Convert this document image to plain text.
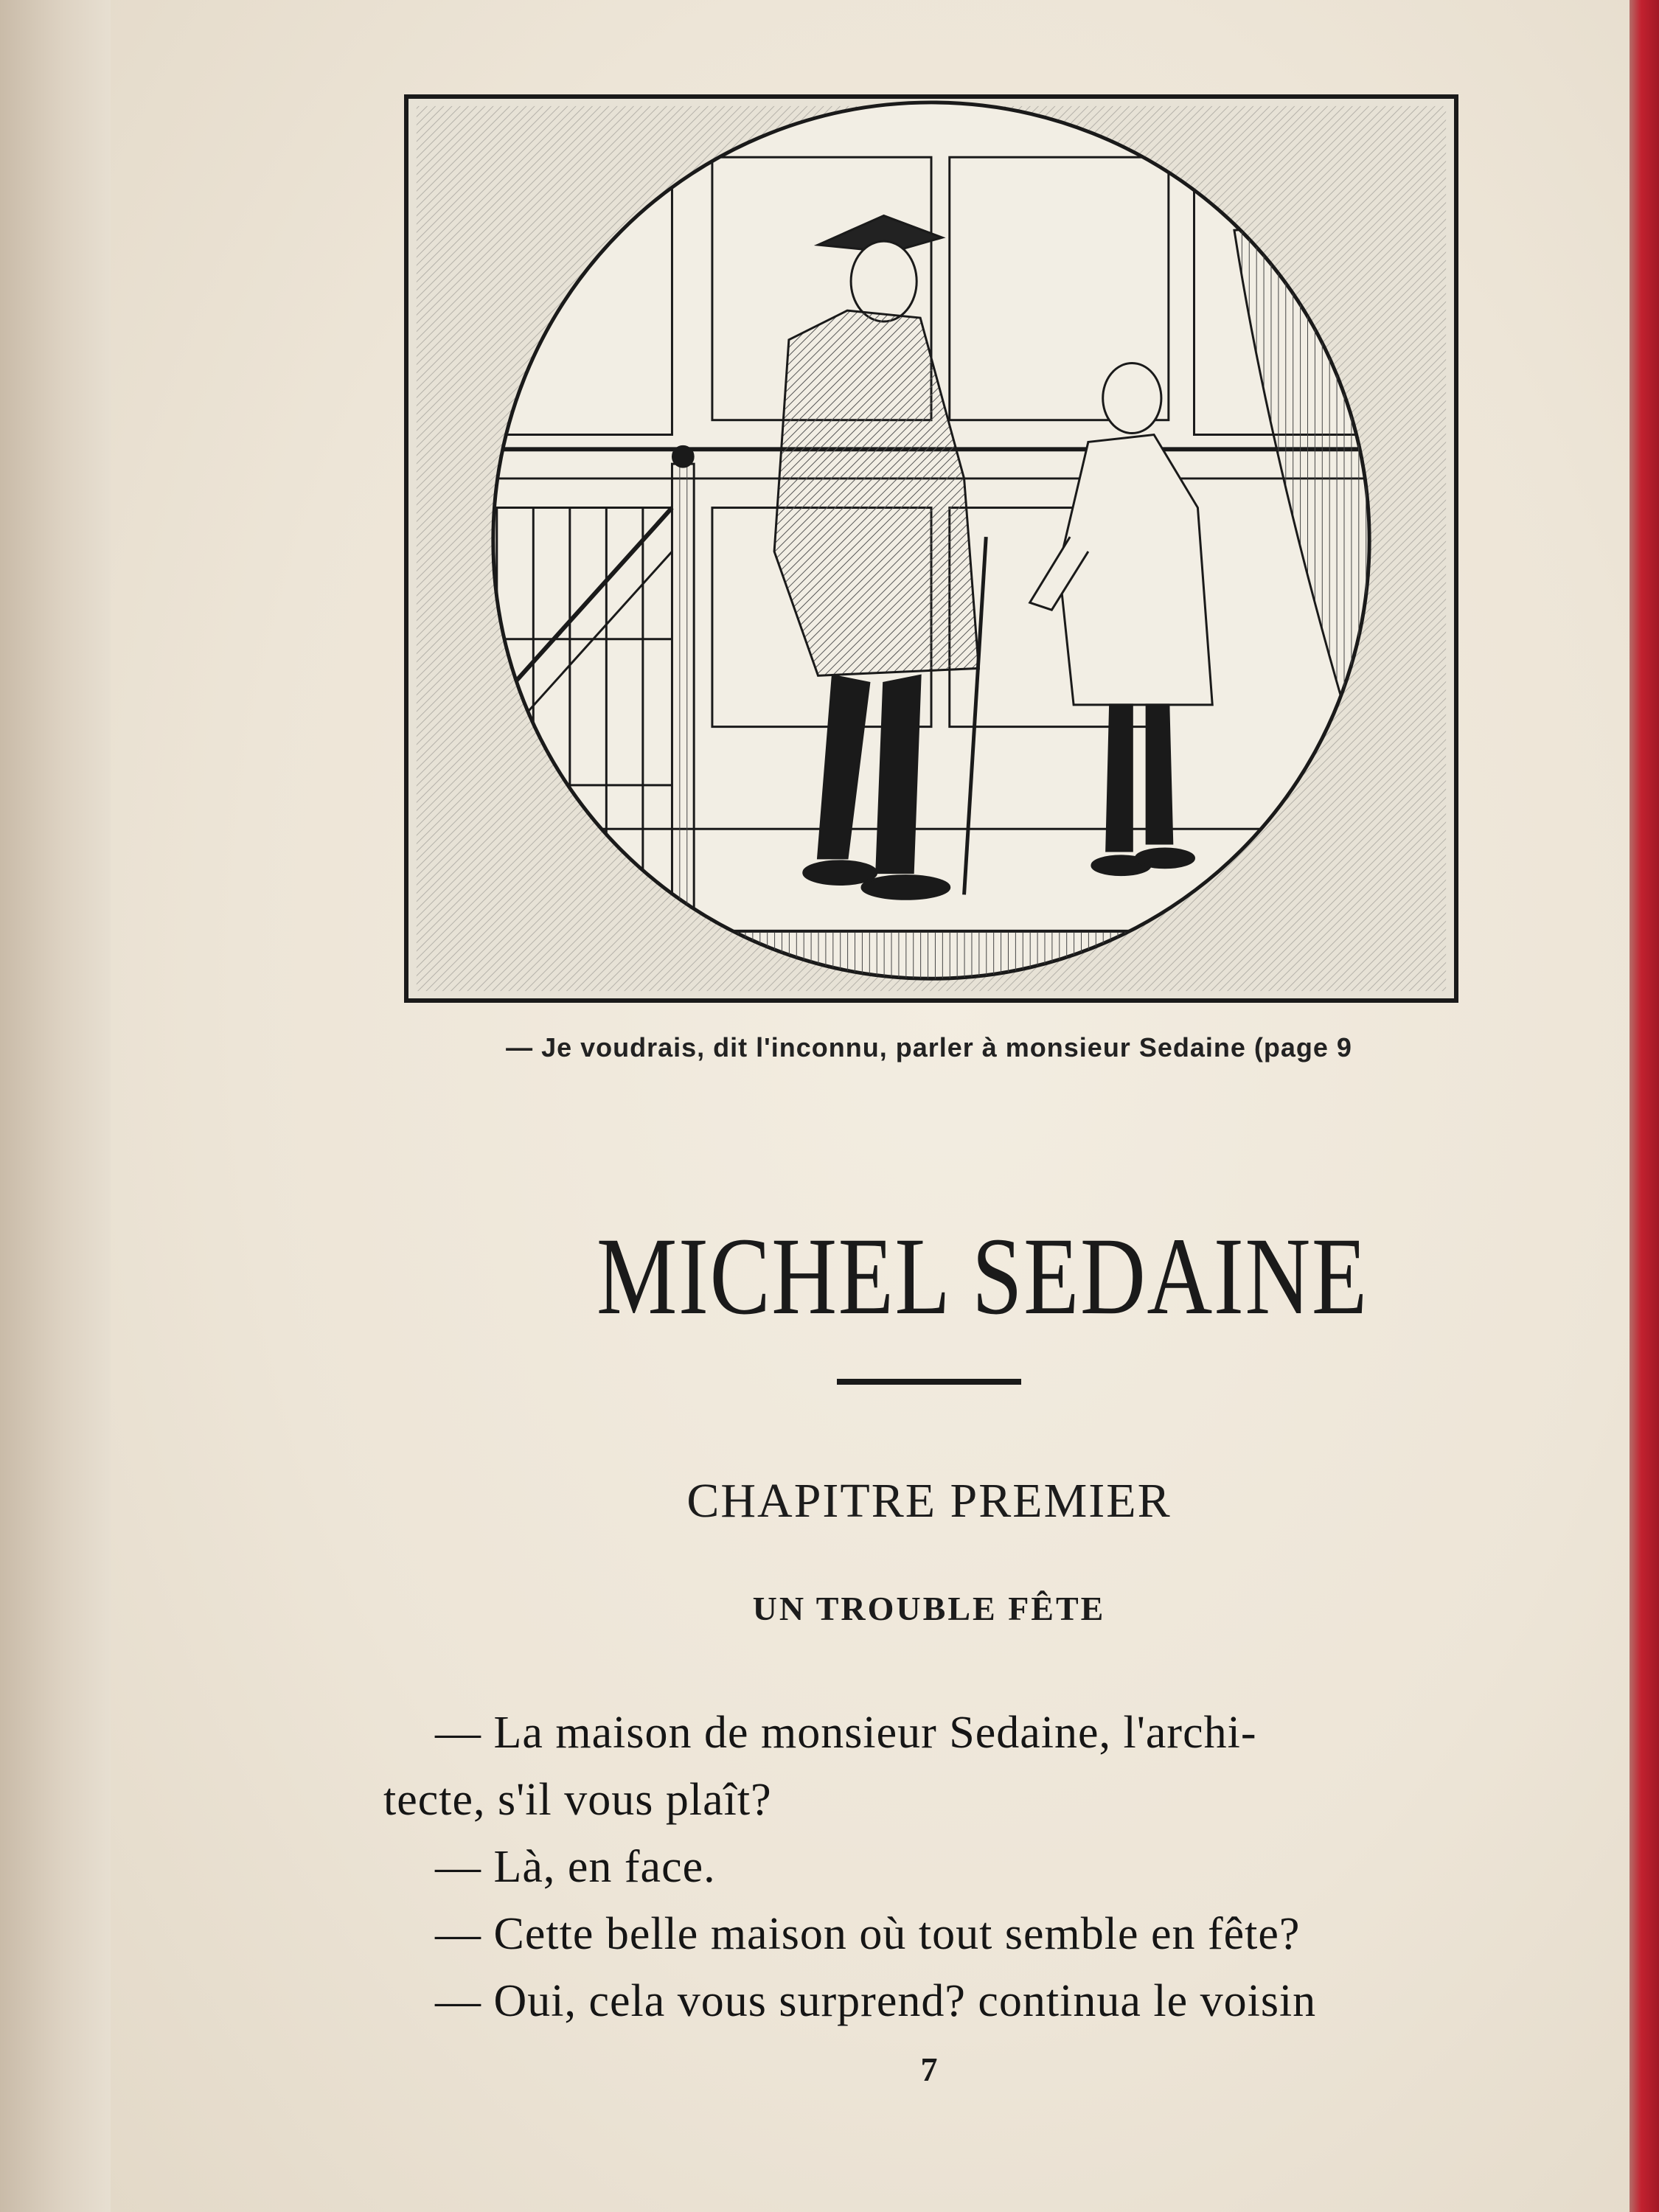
— Je voudrais, dit l'inconnu, parler à monsieur Sedaine (page 9
MICHEL SEDAINE
CHAPITRE PREMIER
UN TROUBLE FÊTE

— La maison de monsieur Sedaine, l'archi-

tecte, s'il vous plaît?

— Là, en face.

— Cette belle maison où tout semble en fête?

— Oui, cela vous surprend? continua le voisin

7
